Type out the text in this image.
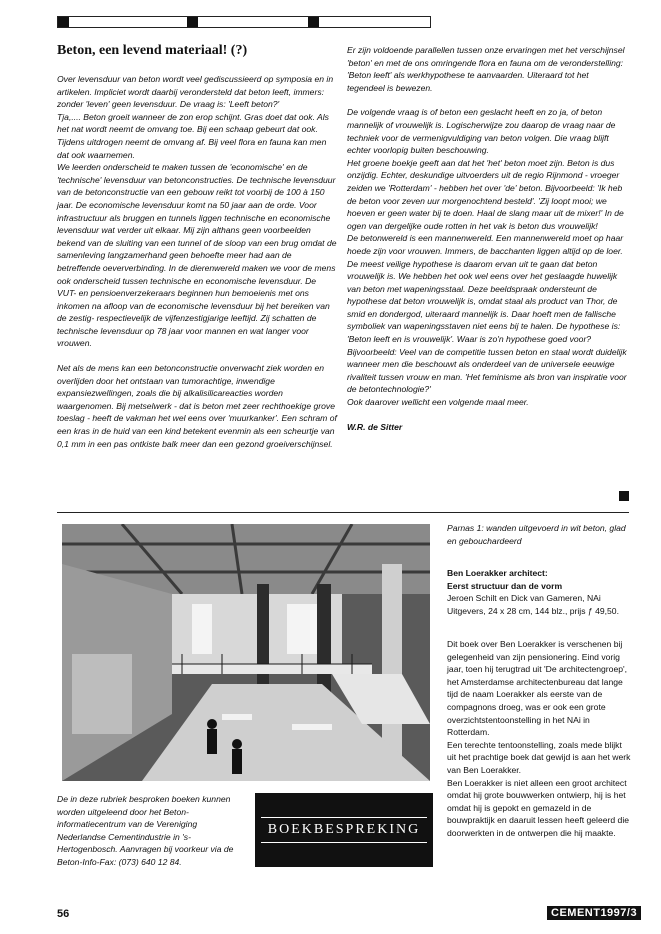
Beton, een levend materiaal! (?)

Over levensduur van beton wordt veel gediscussieerd op symposia en in artikelen. Impliciet wordt daarbij verondersteld dat beton leeft, immers: zonder 'leven' geen levensduur. De vraag is: 'Leeft beton?'

Tja,.... Beton groeit wanneer de zon erop schijnt. Gras doet dat ook. Als het nat wordt neemt de omvang toe. Bij een schaap gebeurt dat ook. Tijdens uitdrogen neemt de omvang af. Bij veel flora en fauna kan men dat ook waarnemen.

We leerden onderscheid te maken tussen de 'economische' en de 'technische' levensduur van betonconstructies. De technische levensduur van de betonconstructie van een gebouw reikt tot voorbij de 100 à 150 jaar. De economische levensduur komt na 50 jaar aan de orde. Voor infrastructuur als bruggen en tunnels liggen technische en economische levensduur wat verder uit elkaar. Mij zijn althans geen voorbeelden bekend van de sluiting van een tunnel of de sloop van een brug omdat de samenleving langzamerhand geen behoefte meer had aan de betreffende oeververbinding. In de dierenwereld maken we voor de mens ook onderscheid tussen technische en economische levensduur. De VUT- en pensioenverzekeraars beginnen hun bemoeienis met ons inkomen na afloop van de economische levensduur bij het bereiken van de zestig- respectievelijk de vijfenzestigjarige leeftijd. Zij schatten de technische levensduur op 78 jaar voor mannen en wat langer voor vrouwen.

Net als de mens kan een betonconstructie onverwacht ziek worden en overlijden door het ontstaan van tumorachtige, inwendige expansiezwellingen, zoals die bij alkalisilicareacties worden waargenomen. Bij metselwerk - dat is beton met zeer rechthoekige grove toeslag - heeft de vakman het wel eens over 'muurkanker'. Een schram of een kras in de huid van een kind betekent evenmin als een scheurtje van 0,1 mm in een pas ontkiste balk meer dan een gezond groeiverschijnsel.

Er zijn voldoende parallellen tussen onze ervaringen met het verschijnsel 'beton' en met de ons omringende flora en fauna om de veronderstelling: 'Beton leeft' als werkhypothese te aanvaarden. Uiteraard tot het tegendeel is bewezen.

De volgende vraag is of beton een geslacht heeft en zo ja, of beton mannelijk of vrouwelijk is. Logischerwijze zou daarop de vraag naar de techniek voor de vermenigvuldiging van beton volgen. Die vraag blijft echter voorlopig buiten beschouwing.

Het groene boekje geeft aan dat het 'het' beton moet zijn. Beton is dus onzijdig. Echter, deskundige uitvoerders uit de regio Rijnmond - vroeger zeiden we 'Rotterdam' - hebben het over 'de' beton. Bijvoorbeeld: 'Ik heb de beton voor zeven uur morgenochtend besteld'. 'Zij loopt mooi; we hoeven er geen water bij te doen. Haal de slang maar uit de mixer!' In de ogen van dergelijke oude rotten in het vak is beton dus vrouwelijk!

De betonwereld is een mannenwereld. Een mannenwereld moet op haar hoede zijn voor vrouwen. Immers, de bacchanten liggen altijd op de loer. De meest veilige hypothese is daarom ervan uit te gaan dat beton vrouwelijk is. We hebben het ook wel eens over het geslaagde huwelijk van beton met wapeningsstaal. Deze beeldspraak ondersteunt de hypothese dat beton vrouwelijk is, omdat staal als product van Thor, de smid en dondergod, uiteraard mannelijk is. Daar hoeft men de fallische symboliek van wapeningsstaven niet eens bij te halen. De hypothese is: 'Beton leeft en is vrouwelijk'. Waar is zo'n hypothese goed voor?

Bijvoorbeeld: Veel van de competitie tussen beton en staal wordt duidelijk wanneer men die beschouwt als onderdeel van de universele eeuwige rivaliteit tussen vrouw en man. 'Het feminisme als bron van inspiratie voor de betontechnologie?'

Ook daarover wellicht een volgende maal meer.

W.R. de Sitter

Parnas 1: wanden uitgevoerd in wit beton, glad en gebouchardeerd
Ben Loerakker architect:
Eerst structuur dan de vorm
Jeroen Schilt en Dick van Gameren, NAi Uitgevers, 24 x 28 cm, 144 blz., prijs ƒ 49,50.

Dit boek over Ben Loerakker is verschenen bij gelegenheid van zijn pensionering. Eind vorig jaar, toen hij terugtrad uit 'De architectengroep', het Amsterdamse architectenbureau dat lange tijd de naam Loerakker als eerste van de compagnons droeg, was er ook een grote overzichtstentoonstelling in het NAi in Rotterdam.

Een terechte tentoonstelling, zoals mede blijkt uit het prachtige boek dat gewijd is aan het werk van Ben Loerakker.

Ben Loerakker is niet alleen een groot architect omdat hij grote bouwwerken ontwierp, hij is het omdat hij is gepokt en gemazeld in de bouwpraktijk en daaruit lessen heeft geleerd die doorwerkten in de ontwerpen die hij maakte.

De in deze rubriek besproken boeken kunnen worden uitgeleend door het Beton-informatiecentrum van de Vereniging Nederlandse Cementindustrie in 's-Hertogenbosch. Aanvragen bij voorkeur via de Beton-Info-Fax: (073) 640 12 84.
BOEKBESPREKING
56	CEMENT1997/3
